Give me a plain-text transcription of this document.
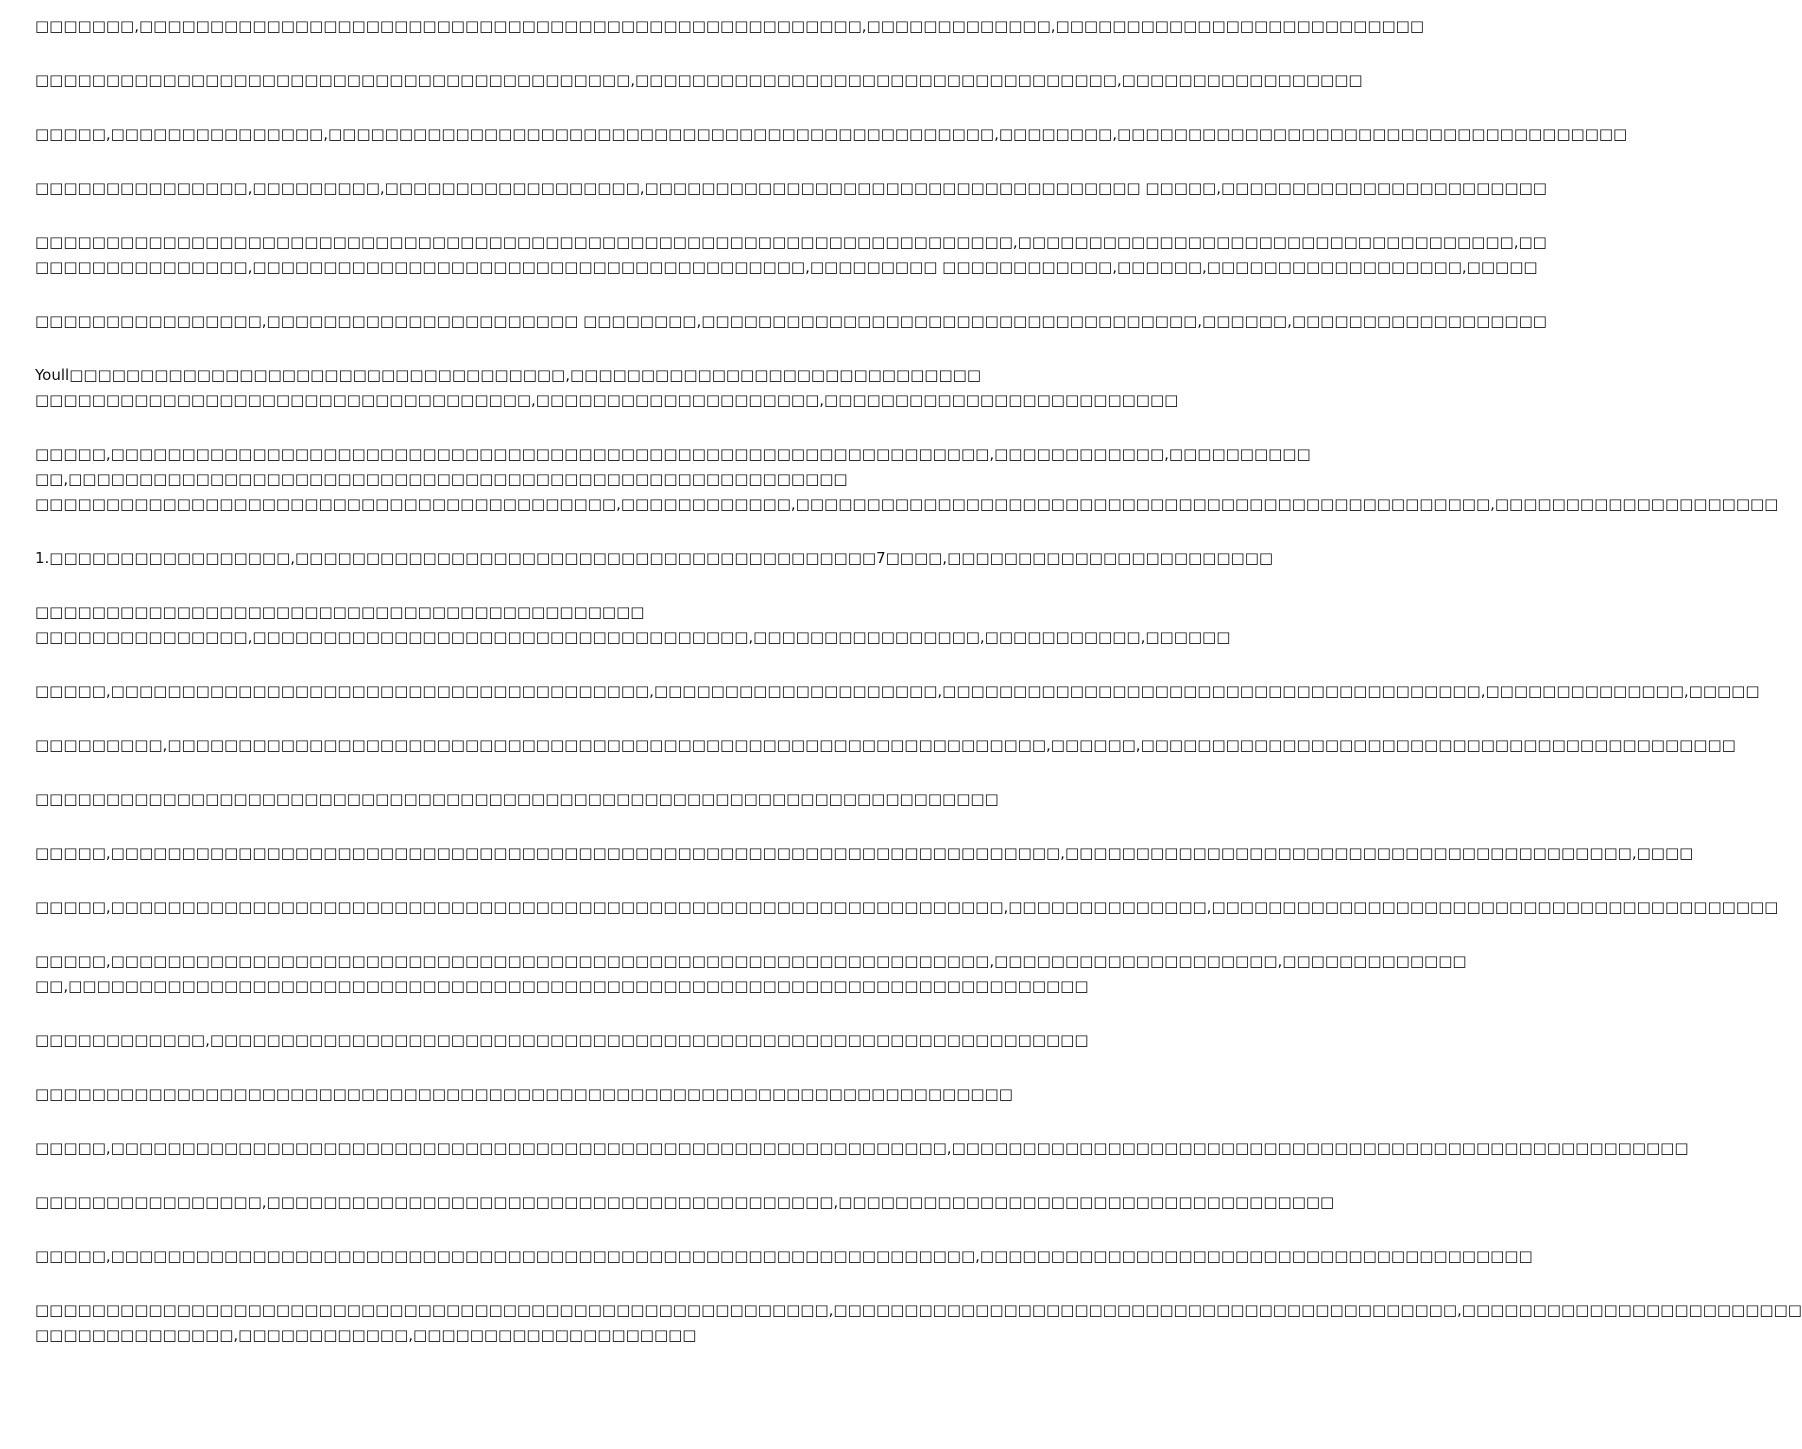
□□□□□□□,□□□□□□□□□□□□□□□□□□□□□□□□□□□□□□□□□□□□□□□□□□□□□□□□□□□,□□□□□□□□□□□□□,□□□□□□□□□□□□□□□□□□□□□□□□□□
□□□□□□□□□□□□□□□□□□□□□□□□□□□□□□□□□□□□□□□□□□,□□□□□□□□□□□□□□□□□□□□□□□□□□□□□□□□□□,□□□□□□□□□□□□□□□□□
□□□□□,□□□□□□□□□□□□□□□,□□□□□□□□□□□□□□□□□□□□□□□□□□□□□□□□□□□□□□□□□□□□□□□,□□□□□□□□,□□□□□□□□□□□□□□□□□□□□□□□□□□□□□□□□□□□□
□□□□□□□□□□□□□□□,□□□□□□□□□,□□□□□□□□□□□□□□□□□□,□□□□□□□□□□□□□□□□□□□□□□□□□□□□□□□□□□□ □□□□□,□□□□□□□□□□□□□□□□□□□□□□□
□□□□□□□□□□□□□□□□□□□□□□□□□□□□□□□□□□□□□□□□□□□□□□□□□□□□□□□□□□□□□□□□□□□□□,□□□□□□□□□□□□□□□□□□□□□□□□□□□□□□□□□□□,□□
□□□□□□□□□□□□□□□,□□□□□□□□□□□□□□□□□□□□□□□□□□□□□□□□□□□□□□□,□□□□□□□□□ □□□□□□□□□□□□,□□□□□□,□□□□□□□□□□□□□□□□□□,□□□□□
□□□□□□□□□□□□□□□□,□□□□□□□□□□□□□□□□□□□□□□ □□□□□□□□,□□□□□□□□□□□□□□□□□□□□□□□□□□□□□□□□□□□,□□□□□□,□□□□□□□□□□□□□□□□□□
Youll□□□□□□□□□□□□□□□□□□□□□□□□□□□□□□□□□□□,□□□□□□□□□□□□□□□□□□□□□□□□□□□□□
□□□□□□□□□□□□□□□□□□□□□□□□□□□□□□□□□□□,□□□□□□□□□□□□□□□□□□□□,□□□□□□□□□□□□□□□□□□□□□□□□□
□□□□□,□□□□□□□□□□□□□□□□□□□□□□□□□□□□□□□□□□□□□□□□□□□□□□□□□□□□□□□□□□□□□□,□□□□□□□□□□□□,□□□□□□□□□□
□□,□□□□□□□□□□□□□□□□□□□□□□□□□□□□□□□□□□□□□□□□□□□□□□□□□□□□□□□
□□□□□□□□□□□□□□□□□□□□□□□□□□□□□□□□□□□□□□□□□,□□□□□□□□□□□□,□□□□□□□□□□□□□□□□□□□□□□□□□□□□□□□□□□□□□□□□□□□□□□□□□,□□□□□□□□□□□□□□□□□□□□
1.□□□□□□□□□□□□□□□□□,□□□□□□□□□□□□□□□□□□□□□□□□□□□□□□□□□□□□□□□□□7□□□□,□□□□□□□□□□□□□□□□□□□□□□□
□□□□□□□□□□□□□□□□□□□□□□□□□□□□□□□□□□□□□□□□□□□
□□□□□□□□□□□□□□□,□□□□□□□□□□□□□□□□□□□□□□□□□□□□□□□□□□□,□□□□□□□□□□□□□□□□,□□□□□□□□□□□,□□□□□□
□□□□□,□□□□□□□□□□□□□□□□□□□□□□□□□□□□□□□□□□□□□□,□□□□□□□□□□□□□□□□□□□□,□□□□□□□□□□□□□□□□□□□□□□□□□□□□□□□□□□□□□□,□□□□□□□□□□□□□□,□□□□□
□□□□□□□□□,□□□□□□□□□□□□□□□□□□□□□□□□□□□□□□□□□□□□□□□□□□□□□□□□□□□□□□□□□□□□□□,□□□□□□,□□□□□□□□□□□□□□□□□□□□□□□□□□□□□□□□□□□□□□□□□□
□□□□□□□□□□□□□□□□□□□□□□□□□□□□□□□□□□□□□□□□□□□□□□□□□□□□□□□□□□□□□□□□□□□□
□□□□□,□□□□□□□□□□□□□□□□□□□□□□□□□□□□□□□□□□□□□□□□□□□□□□□□□□□□□□□□□□□□□□□□□□□,□□□□□□□□□□□□□□□□□□□□□□□□□□□□□□□□□□□□□□□□,□□□□
□□□□□,□□□□□□□□□□□□□□□□□□□□□□□□□□□□□□□□□□□□□□□□□□□□□□□□□□□□□□□□□□□□□□□,□□□□□□□□□□□□□□,□□□□□□□□□□□□□□□□□□□□□□□□□□□□□□□□□□□□□□□□
□□□□□,□□□□□□□□□□□□□□□□□□□□□□□□□□□□□□□□□□□□□□□□□□□□□□□□□□□□□□□□□□□□□□,□□□□□□□□□□□□□□□□□□□□,□□□□□□□□□□□□□
□□,□□□□□□□□□□□□□□□□□□□□□□□□□□□□□□□□□□□□□□□□□□□□□□□□□□□□□□□□□□□□□□□□□□□□□□□□
□□□□□□□□□□□□,□□□□□□□□□□□□□□□□□□□□□□□□□□□□□□□□□□□□□□□□□□□□□□□□□□□□□□□□□□□□□□
□□□□□□□□□□□□□□□□□□□□□□□□□□□□□□□□□□□□□□□□□□□□□□□□□□□□□□□□□□□□□□□□□□□□□
□□□□□,□□□□□□□□□□□□□□□□□□□□□□□□□□□□□□□□□□□□□□□□□□□□□□□□□□□□□□□□□□□,□□□□□□□□□□□□□□□□□□□□□□□□□□□□□□□□□□□□□□□□□□□□□□□□□□□□
□□□□□□□□□□□□□□□□,□□□□□□□□□□□□□□□□□□□□□□□□□□□□□□□□□□□□□□□□,□□□□□□□□□□□□□□□□□□□□□□□□□□□□□□□□□□□
□□□□□,□□□□□□□□□□□□□□□□□□□□□□□□□□□□□□□□□□□□□□□□□□□□□□□□□□□□□□□□□□□□□,□□□□□□□□□□□□□□□□□□□□□□□□□□□□□□□□□□□□□□□
□□□□□□□□□□□□□□□□□□□□□□□□□□□□□□□□□□□□□□□□□□□□□□□□□□□□□□□□,□□□□□□□□□□□□□□□□□□□□□□□□□□□□□□□□□□□□□□□□□□□□,□□□□□□□□□□□□□□□□□□□□□□□□
□□□□□□□□□□□□□□,□□□□□□□□□□□□,□□□□□□□□□□□□□□□□□□□□
